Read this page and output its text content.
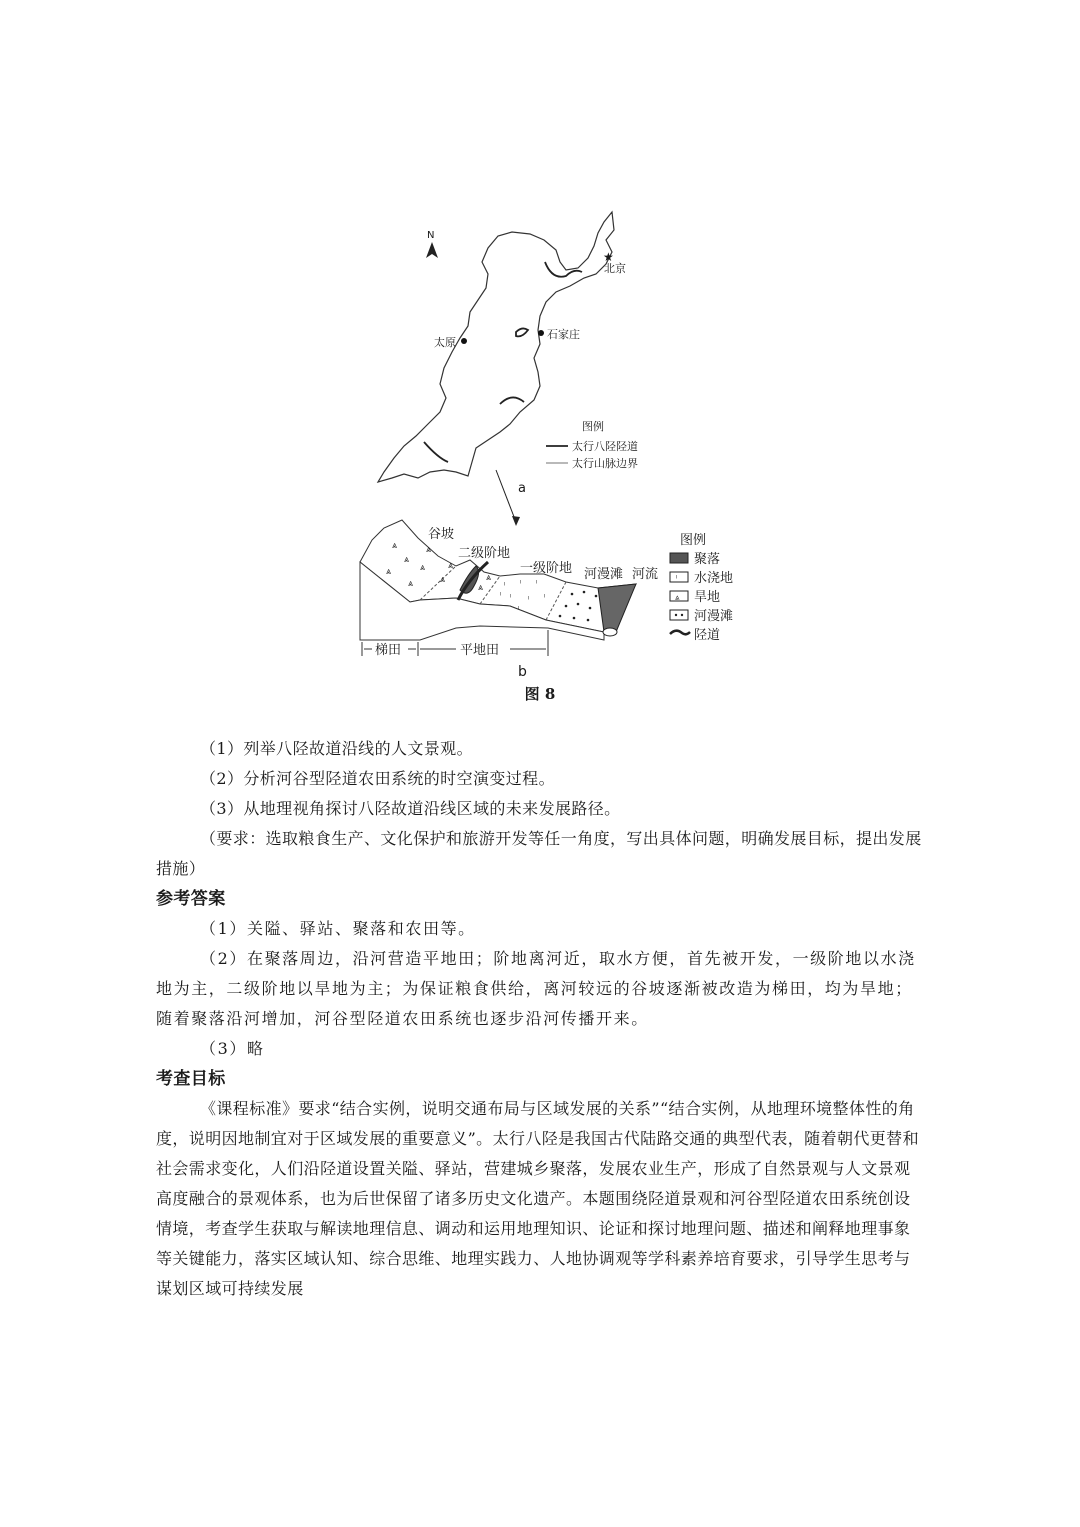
N
★
北京
石家庄
太原
图例
太行八陉陉道
太行山脉边界
a
⩓
⩓
⩓
⩓
⩓
⩓
⩓
⩓
⩓
⩓
ˡ ˡ ˡ
ˡ ˡ ˡ
ˡ
ˡ
谷坡
二级阶地
一级阶地 河漫滩 河流
梯田	平地田
b
图例
聚落
ˡ 水浇地
⩓ 旱地
河漫滩
陉道
图 8

（1）列举八陉故道沿线的人文景观。

（2）分析河谷型陉道农田系统的时空演变过程。

（3）从地理视角探讨八陉故道沿线区域的未来发展路径。

（要求：选取粮食生产、文化保护和旅游开发等任一角度，写出具体问题，明确发展目标，提出发展措施）

参考答案

（1）关隘、驿站、聚落和农田等。

（2）在聚落周边，沿河营造平地田；阶地离河近，取水方便，首先被开发，一级阶地以水浇地为主，二级阶地以旱地为主；为保证粮食供给，离河较远的谷坡逐渐被改造为梯田，均为旱地；随着聚落沿河增加，河谷型陉道农田系统也逐步沿河传播开来。

（3）略

考查目标

《课程标准》要求“结合实例，说明交通布局与区域发展的关系”“结合实例，从地理环境整体性的角度，说明因地制宜对于区域发展的重要意义”。太行八陉是我国古代陆路交通的典型代表，随着朝代更替和社会需求变化，人们沿陉道设置关隘、驿站，营建城乡聚落，发展农业生产，形成了自然景观与人文景观高度融合的景观体系，也为后世保留了诸多历史文化遗产。本题围绕陉道景观和河谷型陉道农田系统创设情境，考查学生获取与解读地理信息、调动和运用地理知识、论证和探讨地理问题、描述和阐释地理事象等关键能力，落实区域认知、综合思维、地理实践力、人地协调观等学科素养培育要求，引导学生思考与谋划区域可持续发展
